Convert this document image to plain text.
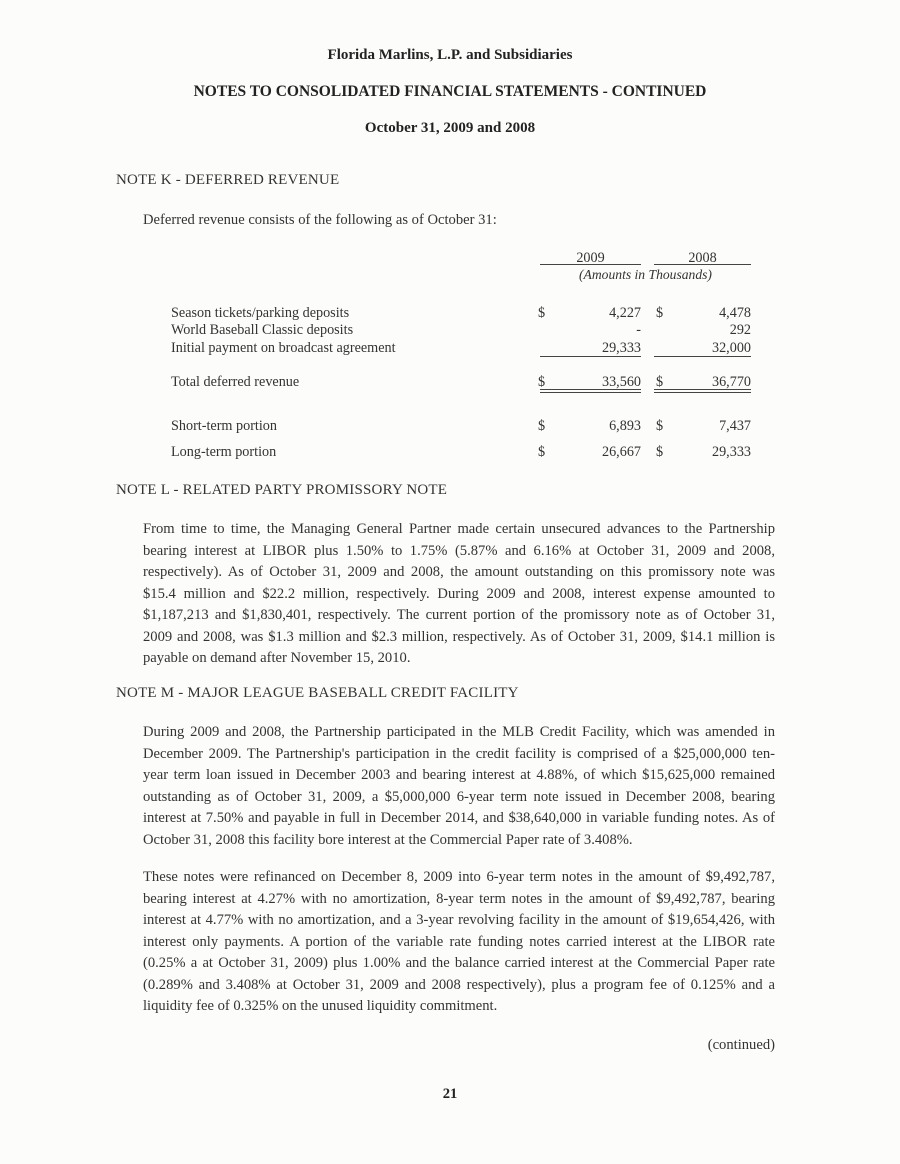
Florida Marlins, L.P. and Subsidiaries
NOTES TO CONSOLIDATED FINANCIAL STATEMENTS - CONTINUED
October 31, 2009 and 2008
NOTE K - DEFERRED REVENUE
Deferred revenue consists of the following as of October 31:
2009	2008
(Amounts in Thousands)
Season tickets/parking deposits	$	4,227 $	4,478
World Baseball Classic deposits	-	292
Initial payment on broadcast agreement	29,333	32,000
Total deferred revenue	$	33,560 $	36,770
Short-term portion	$	6,893 $	7,437
Long-term portion	$	26,667 $	29,333
NOTE L - RELATED PARTY PROMISSORY NOTE
From time to time, the Managing General Partner made certain unsecured advances to the Partnership
bearing interest at LIBOR plus 1.50% to 1.75% (5.87% and 6.16% at October 31, 2009 and 2008,
respectively). As of October 31, 2009 and 2008, the amount outstanding on this promissory note was
$15.4 million and $22.2 million, respectively. During 2009 and 2008, interest expense amounted to
$1,187,213 and $1,830,401, respectively. The current portion of the promissory note as of October 31,
2009 and 2008, was $1.3 million and $2.3 million, respectively. As of October 31, 2009, $14.1 million is
payable on demand after November 15, 2010.
NOTE M - MAJOR LEAGUE BASEBALL CREDIT FACILITY
During 2009 and 2008, the Partnership participated in the MLB Credit Facility, which was amended in
December 2009. The Partnership's participation in the credit facility is comprised of a $25,000,000 ten-
year term loan issued in December 2003 and bearing interest at 4.88%, of which $15,625,000 remained
outstanding as of October 31, 2009, a $5,000,000 6-year term note issued in December 2008, bearing
interest at 7.50% and payable in full in December 2014, and $38,640,000 in variable funding notes. As of
October 31, 2008 this facility bore interest at the Commercial Paper rate of 3.408%.
These notes were refinanced on December 8, 2009 into 6-year term notes in the amount of $9,492,787,
bearing interest at 4.27% with no amortization, 8-year term notes in the amount of $9,492,787, bearing
interest at 4.77% with no amortization, and a 3-year revolving facility in the amount of $19,654,426, with
interest only payments. A portion of the variable rate funding notes carried interest at the LIBOR rate
(0.25% a at October 31, 2009) plus 1.00% and the balance carried interest at the Commercial Paper rate
(0.289% and 3.408% at October 31, 2009 and 2008 respectively), plus a program fee of 0.125% and a
liquidity fee of 0.325% on the unused liquidity commitment.
(continued)
21
